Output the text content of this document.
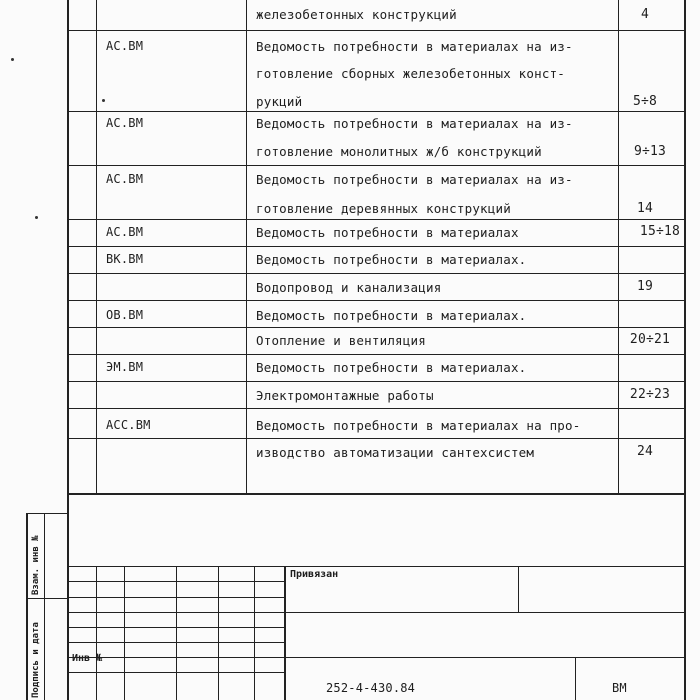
железобетонных конструкций	4
АС.ВМ	Ведомость потребности в материалах на из-
готовление сборных железобетонных конст-
рукций	5÷8
АС.ВМ	Ведомость потребности в материалах на из-
готовление монолитных ж/б конструкций	9÷13
АС.ВМ	Ведомость потребности в материалах на из-
готовление деревянных конструкций	14
АС.ВМ	Ведомость потребности в материалах	15÷18
ВК.ВМ	Ведомость потребности в материалах.
Водопровод и канализация	19
ОВ.ВМ	Ведомость потребности в материалах.
Отопление и вентиляция	20÷21
ЭМ.ВМ	Ведомость потребности в материалах.
Электромонтажные работы	22÷23
АСС.ВМ	Ведомость потребности в материалах на про-
изводство автоматизации сантехсистем	24
Подпись и дата
Взам. инв №	Привязан
Инв №
252-4-430.84	ВМ
